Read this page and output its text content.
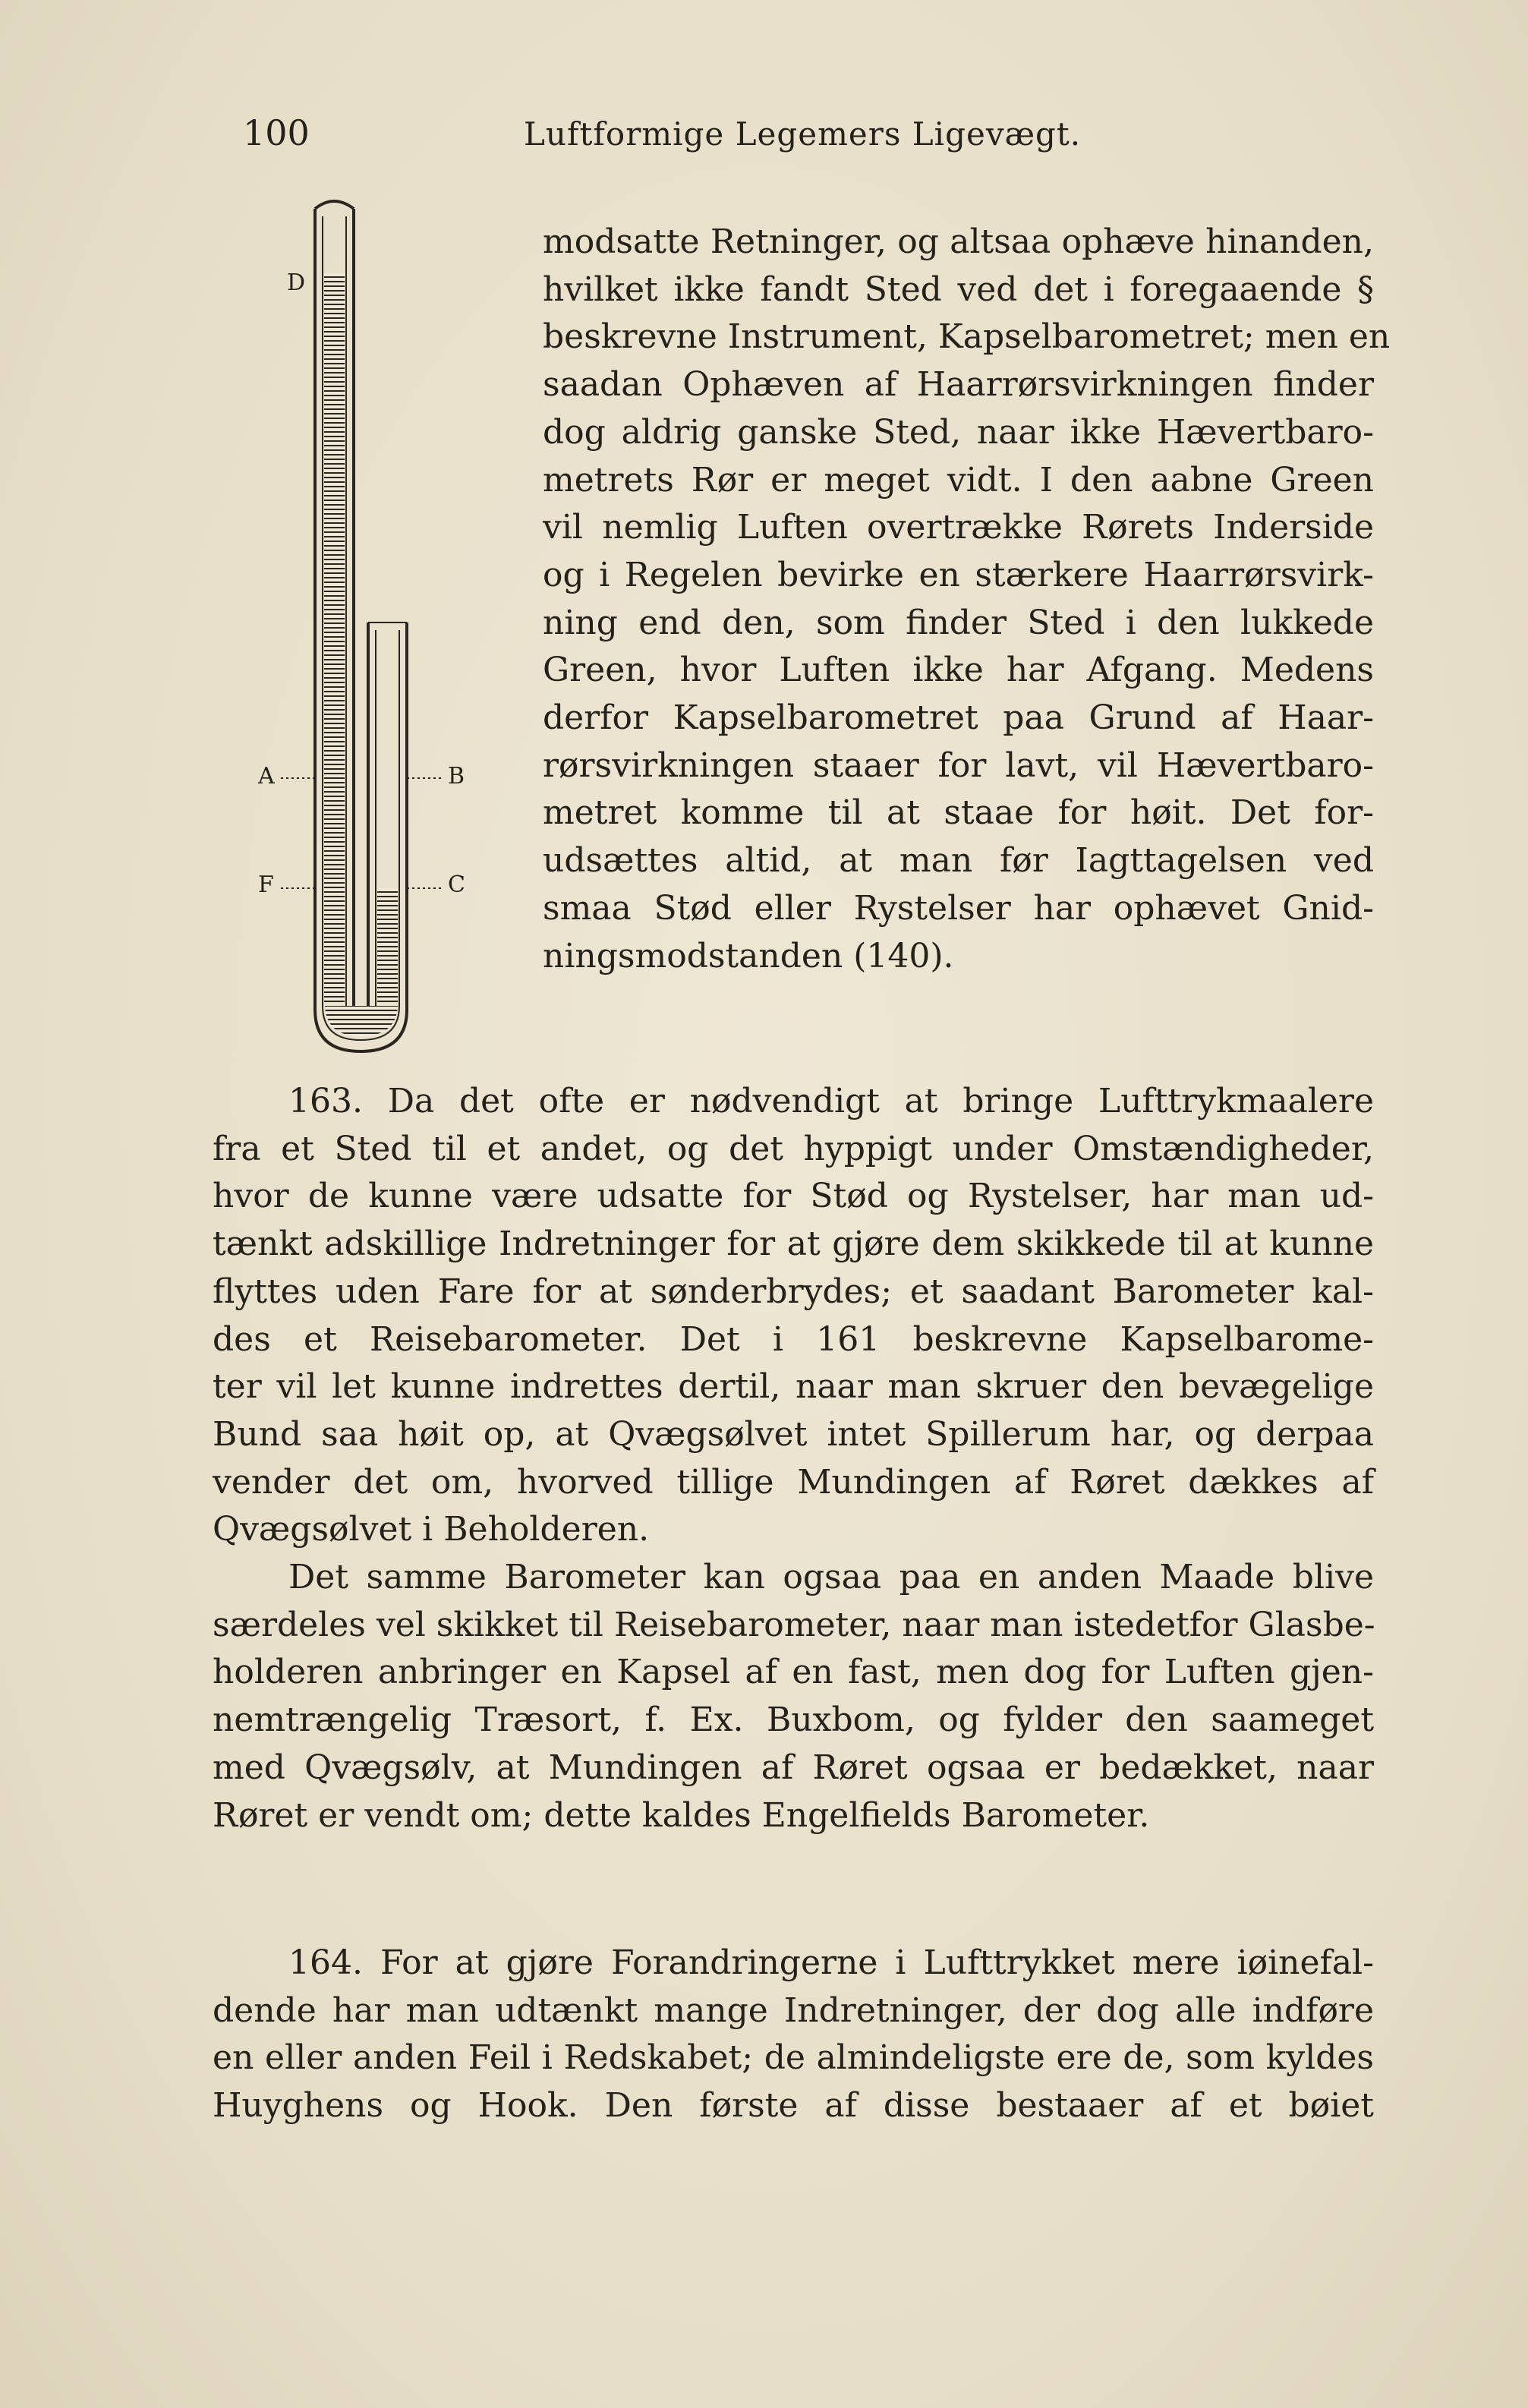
100	Luftformige Legemers Ligevægt.
D
A	B
F	C
modsatte Retninger, og altsaa ophæve hinanden,
hvilket ikke fandt Sted ved det i foregaaende §
beskrevne Instrument, Kapselbarometret; men en
saadan Ophæven af Haarrørsvirkningen finder
dog aldrig ganske Sted, naar ikke Hævertbaro-
metrets Rør er meget vidt. I den aabne Green
vil nemlig Luften overtrække Rørets Inderside
og i Regelen bevirke en stærkere Haarrørsvirk-
ning end den, som finder Sted i den lukkede
Green, hvor Luften ikke har Afgang. Medens
derfor Kapselbarometret paa Grund af Haar-
rørsvirkningen staaer for lavt, vil Hævertbaro-
metret komme til at staae for høit. Det for-
udsættes altid, at man før Iagttagelsen ved
smaa Stød eller Rystelser har ophævet Gnid-
ningsmodstanden (140).
163. Da det ofte er nødvendigt at bringe Lufttrykmaalere
fra et Sted til et andet, og det hyppigt under Omstændigheder,
hvor de kunne være udsatte for Stød og Rystelser, har man ud-
tænkt adskillige Indretninger for at gjøre dem skikkede til at kunne
flyttes uden Fare for at sønderbrydes; et saadant Barometer kal-
des et Reisebarometer. Det i 161 beskrevne Kapselbarome-
ter vil let kunne indrettes dertil, naar man skruer den bevægelige
Bund saa høit op, at Qvægsølvet intet Spillerum har, og derpaa
vender det om, hvorved tillige Mundingen af Røret dækkes af
Qvægsølvet i Beholderen.
Det samme Barometer kan ogsaa paa en anden Maade blive
særdeles vel skikket til Reisebarometer, naar man istedetfor Glasbe-
holderen anbringer en Kapsel af en fast, men dog for Luften gjen-
nemtrængelig Træsort, f. Ex. Buxbom, og fylder den saameget
med Qvægsølv, at Mundingen af Røret ogsaa er bedækket, naar
Røret er vendt om; dette kaldes Engelfields Barometer.
164. For at gjøre Forandringerne i Lufttrykket mere iøinefal-
dende har man udtænkt mange Indretninger, der dog alle indføre
en eller anden Feil i Redskabet; de almindeligste ere de, som kyldes
Huyghens og Hook. Den første af disse bestaaer af et bøiet
